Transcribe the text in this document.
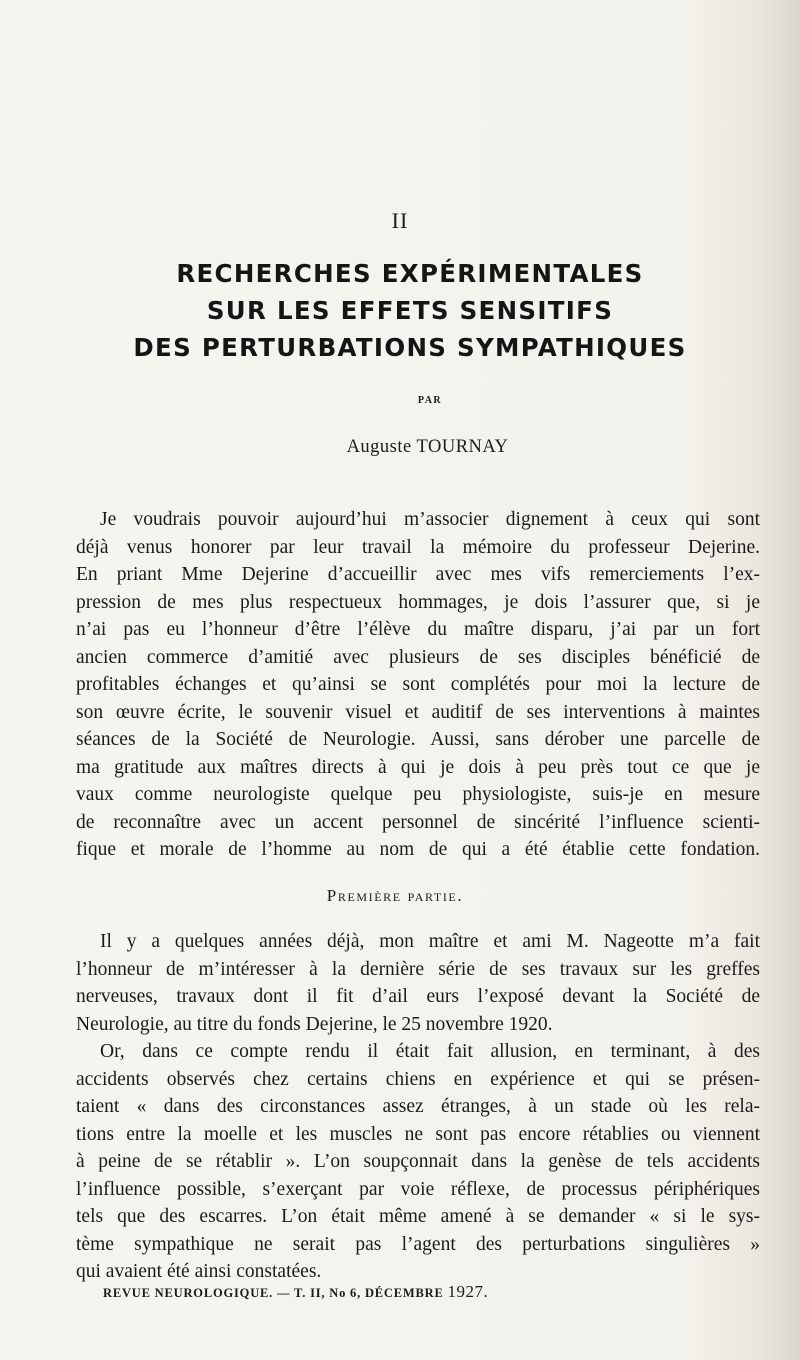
II
RECHERCHES EXPÉRIMENTALES
SUR LES EFFETS SENSITIFS
DES PERTURBATIONS SYMPATHIQUES
PAR
Auguste TOURNAY
Je voudrais pouvoir aujourd’hui m’associer dignement à ceux qui sont
déjà venus honorer par leur travail la mémoire du professeur Dejerine.
En priant Mme Dejerine d’accueillir avec mes vifs remerciements l’ex-
pression de mes plus respectueux hommages, je dois l’assurer que, si je
n’ai pas eu l’honneur d’être l’élève du maître disparu, j’ai par un fort
ancien commerce d’amitié avec plusieurs de ses disciples bénéficié de
profitables échanges et qu’ainsi se sont complétés pour moi la lecture de
son œuvre écrite, le souvenir visuel et auditif de ses interventions à maintes
séances de la Société de Neurologie. Aussi, sans dérober une parcelle de
ma gratitude aux maîtres directs à qui je dois à peu près tout ce que je
vaux comme neurologiste quelque peu physiologiste, suis-je en mesure
de reconnaître avec un accent personnel de sincérité l’influence scienti-
fique et morale de l’homme au nom de qui a été établie cette fondation.
Première partie.
Il y a quelques années déjà, mon maître et ami M. Nageotte m’a fait
l’honneur de m’intéresser à la dernière série de ses travaux sur les greffes
nerveuses, travaux dont il fit d’ail eurs l’exposé devant la Société de
Neurologie, au titre du fonds Dejerine, le 25 novembre 1920.
Or, dans ce compte rendu il était fait allusion, en terminant, à des
accidents observés chez certains chiens en expérience et qui se présen-
taient « dans des circonstances assez étranges, à un stade où les rela-
tions entre la moelle et les muscles ne sont pas encore rétablies ou viennent
à peine de se rétablir ». L’on soupçonnait dans la genèse de tels accidents
l’influence possible, s’exerçant par voie réflexe, de processus périphériques
tels que des escarres. L’on était même amené à se demander « si le sys-
tème sympathique ne serait pas l’agent des perturbations singulières »
qui avaient été ainsi constatées.
REVUE NEUROLOGIQUE. — T. II, No 6, DÉCEMBRE 1927.
